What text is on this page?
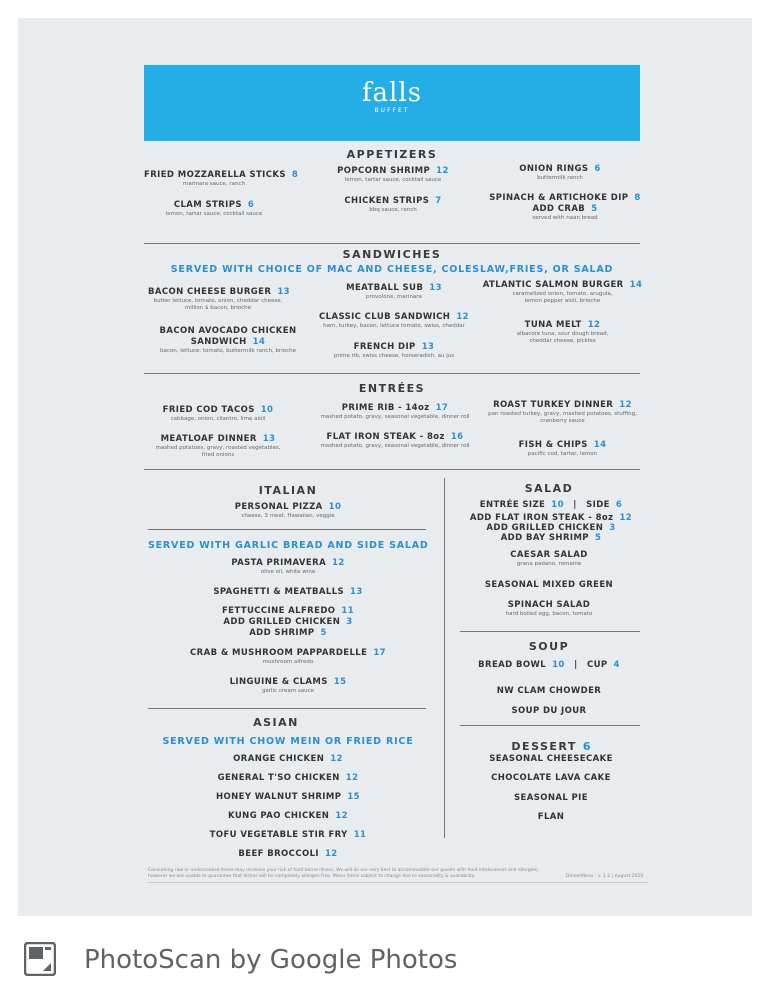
falls
BUFFET
APPETIZERS
FRIED MOZZARELLA STICKS 8
marinara sauce, ranch
CLAM STRIPS 6
lemon, tartar sauce, cocktail sauce
POPCORN SHRIMP 12
lemon, tartar sauce, cocktail sauce
CHICKEN STRIPS 7
bbq sauce, ranch
ONION RINGS 6
buttermilk ranch
SPINACH & ARTICHOKE DIP 8
ADD CRAB 5
served with naan bread
SANDWICHES
SERVED WITH CHOICE OF MAC AND CHEESE, COLESLAW,FRIES, OR SALAD
BACON CHEESE BURGER 13
butter lettuce, tomato, onion, cheddar cheese,
million $ bacon, brioche
BACON AVOCADO CHICKEN
SANDWICH 14
bacon, lettuce, tomato, buttermilk ranch, brioche
MEATBALL SUB 13
provolone, marinara
CLASSIC CLUB SANDWICH 12
ham, turkey, bacon, lettuce tomato, swiss, cheddar
FRENCH DIP 13
prime rib, swiss cheese, horseradish, au jus
ATLANTIC SALMON BURGER 14
caramelized onion, tomato, arugula,
lemon pepper aioli, brioche
TUNA MELT 12
albacore tuna, sour dough bread,
cheddar cheese, pickles
ENTRÉES
FRIED COD TACOS 10
cabbage, onion, cilantro, lime aioli
MEATLOAF DINNER 13
mashed potatoes, gravy, roasted vegetables,
fried onions
PRIME RIB - 14oz 17
mashed potato, gravy, seasonal vegetable, dinner roll
FLAT IRON STEAK - 8oz 16
mashed potato, gravy, seasonal vegetable, dinner roll
ROAST TURKEY DINNER 12
pan roasted turkey, gravy, mashed potatoes, stuffing,
cranberry sauce
FISH & CHIPS 14
pacific cod, tartar, lemon
ITALIAN
PERSONAL PIZZA 10
cheese, 3 meat, Hawaiian, veggie
SERVED WITH GARLIC BREAD AND SIDE SALAD
PASTA PRIMAVERA 12
olive oil, white wine
SPAGHETTI & MEATBALLS 13
FETTUCCINE ALFREDO 11
ADD GRILLED CHICKEN 3
ADD SHRIMP 5
CRAB & MUSHROOM PAPPARDELLE 17
mushroom alfredo
LINGUINE & CLAMS 15
garlic cream sauce
ASIAN
SERVED WITH CHOW MEIN OR FRIED RICE
ORANGE CHICKEN 12
GENERAL T'SO CHICKEN 12
HONEY WALNUT SHRIMP 15
KUNG PAO CHICKEN 12
TOFU VEGETABLE STIR FRY 11
BEEF BROCCOLI 12
SALAD
ENTRÉE SIZE 10 | SIDE 6
ADD FLAT IRON STEAK - 8oz 12
ADD GRILLED CHICKEN 3
ADD BAY SHRIMP 5
CAESAR SALAD
grana padano, romaine
SEASONAL MIXED GREEN
SPINACH SALAD
hard boiled egg, bacon, tomato
SOUP
BREAD BOWL 10 | CUP 4
NW CLAM CHOWDER
SOUP DU JOUR
DESSERT 6
SEASONAL CHEESECAKE
CHOCOLATE LAVA CAKE
SEASONAL PIE
FLAN
Consuming raw or undercooked items may increase your risk of food borne illness. We will do our very best to accommodate our guests with food intolerances and allergies;
however we are unable to guarantee that dishes will be completely allergen free. Menu items subject to change due to seasonality & availability.	DinnerMenu - v. 1.2 | August 2020
PhotoScan by Google Photos
